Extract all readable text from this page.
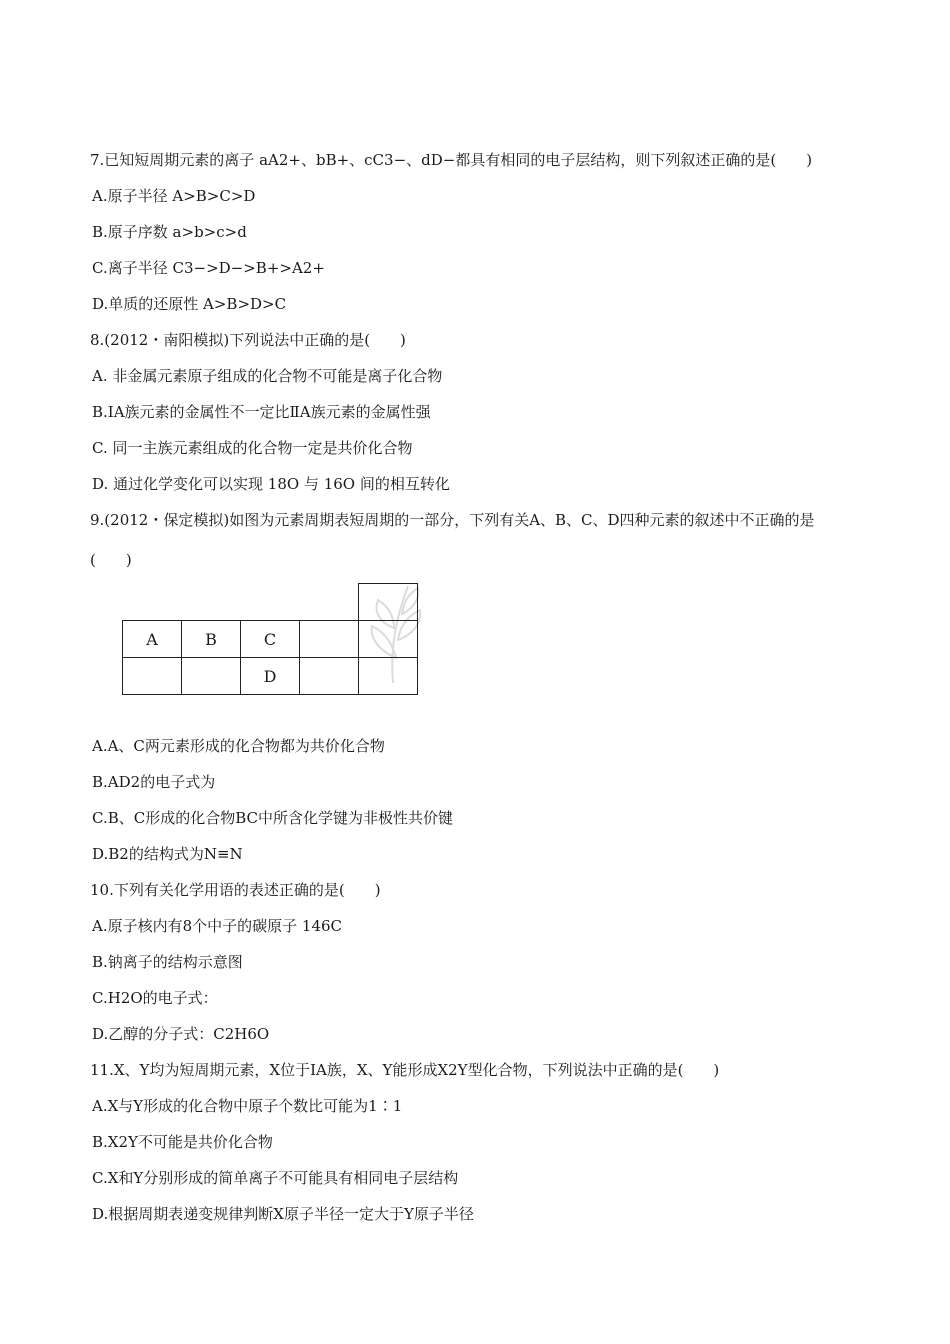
7.已知短周期元素的离子 aA2+、bB+、cC3−、dD−都具有相同的电子层结构，则下列叙述正确的是(　　)
A.原子半径 A>B>C>D
B.原子序数 a>b>c>d
C.离子半径 C3−>D−>B+>A2+
D.单质的还原性 A>B>D>C
8.(2012・南阳模拟)下列说法中正确的是(　　)
A. 非金属元素原子组成的化合物不可能是离子化合物
B.ⅠA族元素的金属性不一定比ⅡA族元素的金属性强
C. 同一主族元素组成的化合物一定是共价化合物
D. 通过化学变化可以实现 18O 与 16O 间的相互转化
9.(2012・保定模拟)如图为元素周期表短周期的一部分，下列有关A、B、C、D四种元素的叙述中不正确的是
(　　)

A	B	C		
		D		
A.A、C两元素形成的化合物都为共价化合物
B.AD2的电子式为
C.B、C形成的化合物BC中所含化学键为非极性共价键
D.B2的结构式为N≡N
10.下列有关化学用语的表述正确的是(　　)
A.原子核内有8个中子的碳原子 146C
B.钠离子的结构示意图
C.H2O的电子式：
D.乙醇的分子式：C2H6O
11.X、Y均为短周期元素，X位于ⅠA族，X、Y能形成X2Y型化合物，下列说法中正确的是(　　)
A.X与Y形成的化合物中原子个数比可能为1∶1
B.X2Y不可能是共价化合物
C.X和Y分别形成的简单离子不可能具有相同电子层结构
D.根据周期表递变规律判断X原子半径一定大于Y原子半径
